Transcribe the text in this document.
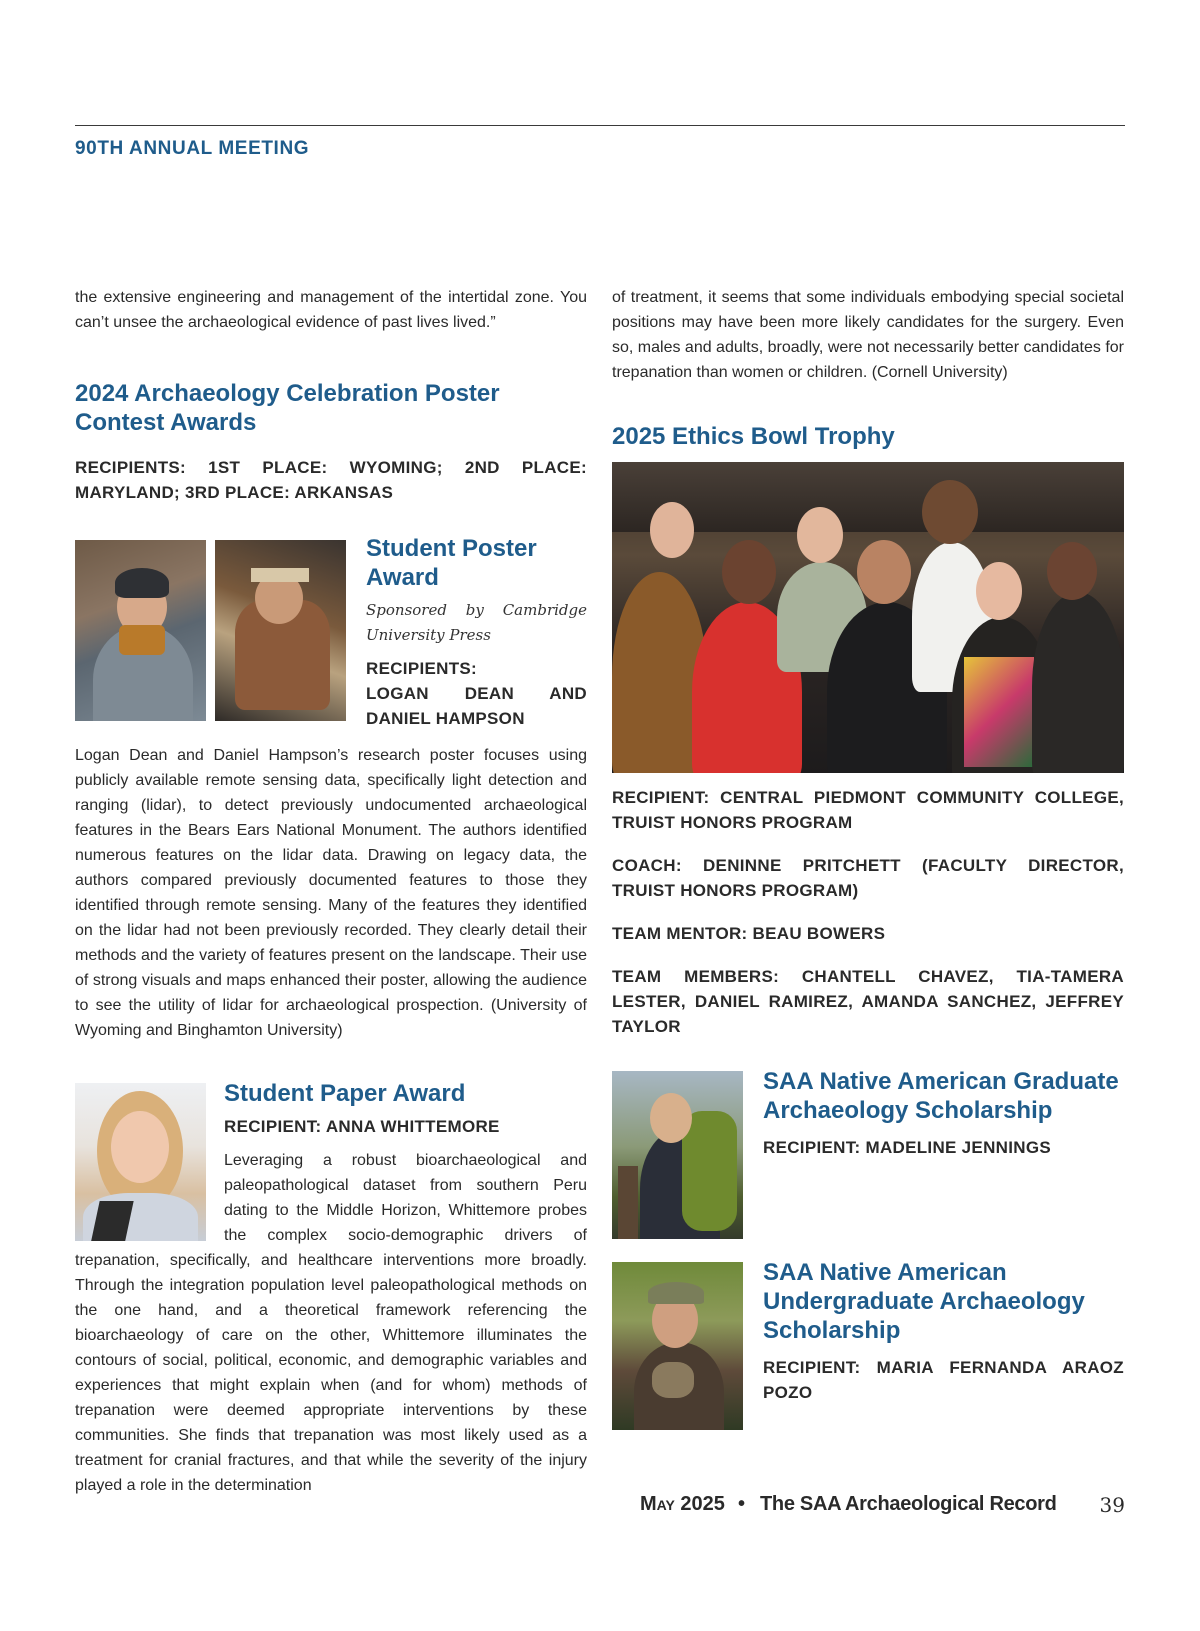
90TH ANNUAL MEETING

the extensive engineering and management of the intertidal zone. You can’t unsee the archaeological evidence of past lives lived.”

2024 Archaeology Celebration Poster Contest Awards

RECIPIENTS: 1ST PLACE: WYOMING; 2ND PLACE: MARYLAND; 3RD PLACE: ARKANSAS

Student Poster Award

Sponsored by Cambridge University Press

RECIPIENTS:

LOGAN DEAN AND DANIEL HAMPSON

Logan Dean and Daniel Hampson’s research poster focuses using publicly available remote sensing data, specifically light detection and ranging (lidar), to detect previously undocumented archaeological features in the Bears Ears National Monument. The authors identified numerous features on the lidar data. Drawing on legacy data, the authors compared previously documented features to those they identified through remote sensing. Many of the features they identified on the lidar had not been previously recorded. They clearly detail their methods and the variety of features present on the landscape. Their use of strong visuals and maps enhanced their poster, allowing the audience to see the utility of lidar for archaeological prospection. (University of Wyoming and Binghamton University)

Student Paper Award

RECIPIENT: ANNA WHITTEMORE

Leveraging a robust bioarchaeological and paleopathological dataset from southern Peru dating to the Middle Horizon, Whittemore probes the complex socio-demographic drivers of trepanation, specifically, and healthcare interventions more broadly. Through the integration population level paleopathological methods on the one hand, and a theoretical framework referencing the bioarchaeology of care on the other, Whittemore illuminates the contours of social, political, economic, and demographic variables and experiences that might explain when (and for whom) methods of trepanation were deemed appropriate interventions by these communities. She finds that trepanation was most likely used as a treatment for cranial fractures, and that while the severity of the injury played a role in the determination

of treatment, it seems that some individuals embodying special societal positions may have been more likely candidates for the surgery. Even so, males and adults, broadly, were not necessarily better candidates for trepanation than women or children. (Cornell University)

2025 Ethics Bowl Trophy

RECIPIENT: CENTRAL PIEDMONT COMMUNITY COLLEGE, TRUIST HONORS PROGRAM

COACH: DENINNE PRITCHETT (FACULTY DIRECTOR, TRUIST HONORS PROGRAM)

TEAM MENTOR: BEAU BOWERS

TEAM MEMBERS: CHANTELL CHAVEZ, TIA-TAMERA LESTER, DANIEL RAMIREZ, AMANDA SANCHEZ, JEFFREY TAYLOR

SAA Native American Graduate Archaeology Scholarship

RECIPIENT: MADELINE JENNINGS

SAA Native American Undergraduate Archaeology Scholarship

RECIPIENT: MARIA FERNANDA ARAOZ POZO

May 2025 • The SAA Archaeological Record 39
